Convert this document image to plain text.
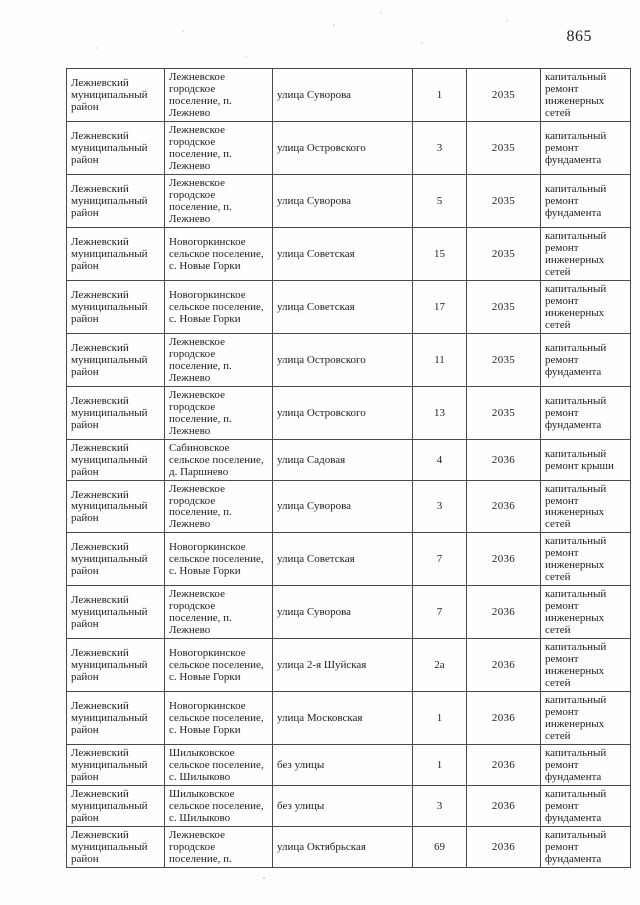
865
Лежневский муниципальный район	Лежневское городское поселение, п. Лежнево	улица Суворова	1	2035	капитальный ремонт инженерных сетей
Лежневский муниципальный район	Лежневское городское поселение, п. Лежнево	улица Островского	3	2035	капитальный ремонт фундамента
Лежневский муниципальный район	Лежневское городское поселение, п. Лежнево	улица Суворова	5	2035	капитальный ремонт фундамента
Лежневский муниципальный район	Новогоркинское сельское поселение, с. Новые Горки	улица Советская	15	2035	капитальный ремонт инженерных сетей
Лежневский муниципальный район	Новогоркинское сельское поселение, с. Новые Горки	улица Советская	17	2035	капитальный ремонт инженерных сетей
Лежневский муниципальный район	Лежневское городское поселение, п. Лежнево	улица Островского	11	2035	капитальный ремонт фундамента
Лежневский муниципальный район	Лежневское городское поселение, п. Лежнево	улица Островского	13	2035	капитальный ремонт фундамента
Лежневский муниципальный район	Сабиновское сельское поселение, д. Паршнево	улица Садовая	4	2036	капитальный ремонт крыши
Лежневский муниципальный район	Лежневское городское поселение, п. Лежнево	улица Суворова	3	2036	капитальный ремонт инженерных сетей
Лежневский муниципальный район	Новогоркинское сельское поселение, с. Новые Горки	улица Советская	7	2036	капитальный ремонт инженерных сетей
Лежневский муниципальный район	Лежневское городское поселение, п. Лежнево	улица Суворова	7	2036	капитальный ремонт инженерных сетей
Лежневский муниципальный район	Новогоркинское сельское поселение, с. Новые Горки	улица 2-я Шуйская	2а	2036	капитальный ремонт инженерных сетей
Лежневский муниципальный район	Новогоркинское сельское поселение, с. Новые Горки	улица Московская	1	2036	капитальный ремонт инженерных сетей
Лежневский муниципальный район	Шилыковское сельское поселение, с. Шилыково	без улицы	1	2036	капитальный ремонт фундамента
Лежневский муниципальный район	Шилыковское сельское поселение, с. Шилыково	без улицы	3	2036	капитальный ремонт фундамента
Лежневский муниципальный район	Лежневское городское поселение, п.	улица Октябрьская	69	2036	капитальный ремонт фундамента
